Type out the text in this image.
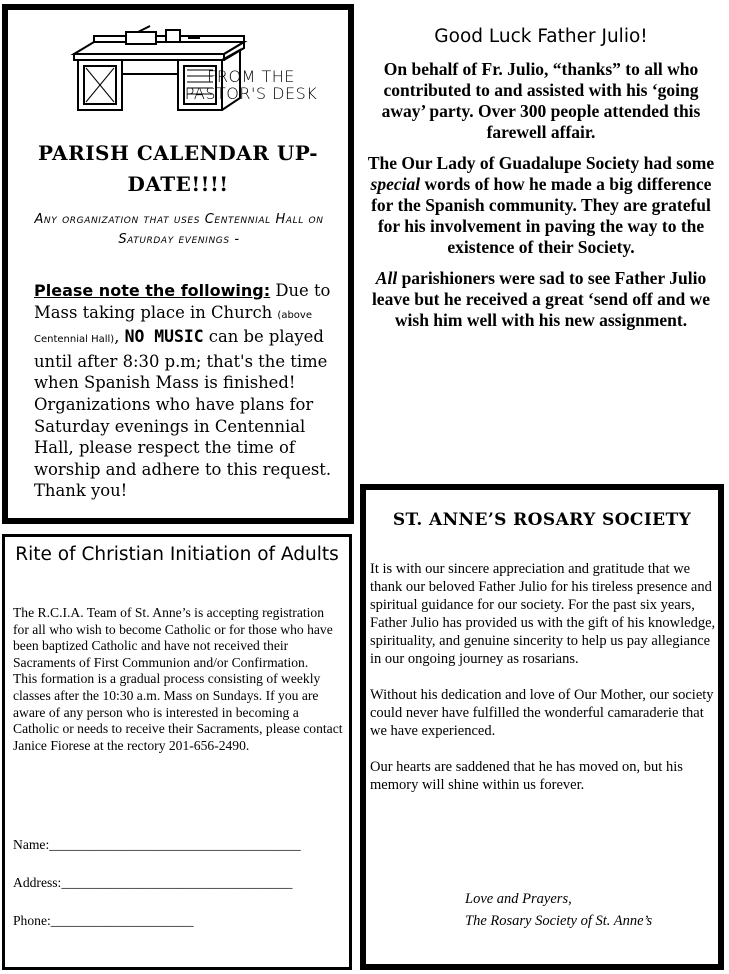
FROM THE
PASTOR'S DESK
PARISH CALENDAR UP-DATE!!!!
Any organization that uses Centennial Hall on Saturday evenings -
Please note the following: Due to Mass taking place in Church (above Centennial Hall), NO MUSIC can be played until after 8:30 p.m; that's the time when Spanish Mass is finished! Organizations who have plans for Saturday evenings in Centennial Hall, please respect the time of worship and adhere to this request. Thank you!
Good Luck Father Julio!

On behalf of Fr. Julio, “thanks” to all who contributed to and assisted with his ‘going away’ party. Over 300 people attended this farewell affair.

The Our Lady of Guadalupe Society had some special words of how he made a big difference for the Spanish community. They are grateful for his involvement in paving the way to the existence of their Society.

All parishioners were sad to see Father Julio leave but he received a great ‘send off and we wish him well with his new assignment.

Rite of Christian Initiation of Adults
The R.C.I.A. Team of St. Anne’s is accepting registration for all who wish to become Catholic or for those who have been baptized Catholic and have not received their Sacraments of First Communion and/or Confirmation.
This formation is a gradual process consisting of weekly classes after the 10:30 a.m. Mass on Sundays. If you are aware of any person who is interested in becoming a Catholic or needs to receive their Sacraments, please contact Janice Fiorese at the rectory 201-656-2490.
Name:_____________________________________
Address:__________________________________
Phone:_____________________
ST. ANNE’S ROSARY SOCIETY

It is with our sincere appreciation and gratitude that we thank our beloved Father Julio for his tireless presence and spiritual guidance for our society. For the past six years, Father Julio has provided us with the gift of his knowledge, spirituality, and genuine sincerity to help us pay allegiance in our ongoing journey as rosarians.

Without his dedication and love of Our Mother, our society could never have fulfilled the wonderful camaraderie that we have experienced.

Our hearts are saddened that he has moved on, but his memory will shine within us forever.

Love and Prayers,
The Rosary Society of St. Anne’s
